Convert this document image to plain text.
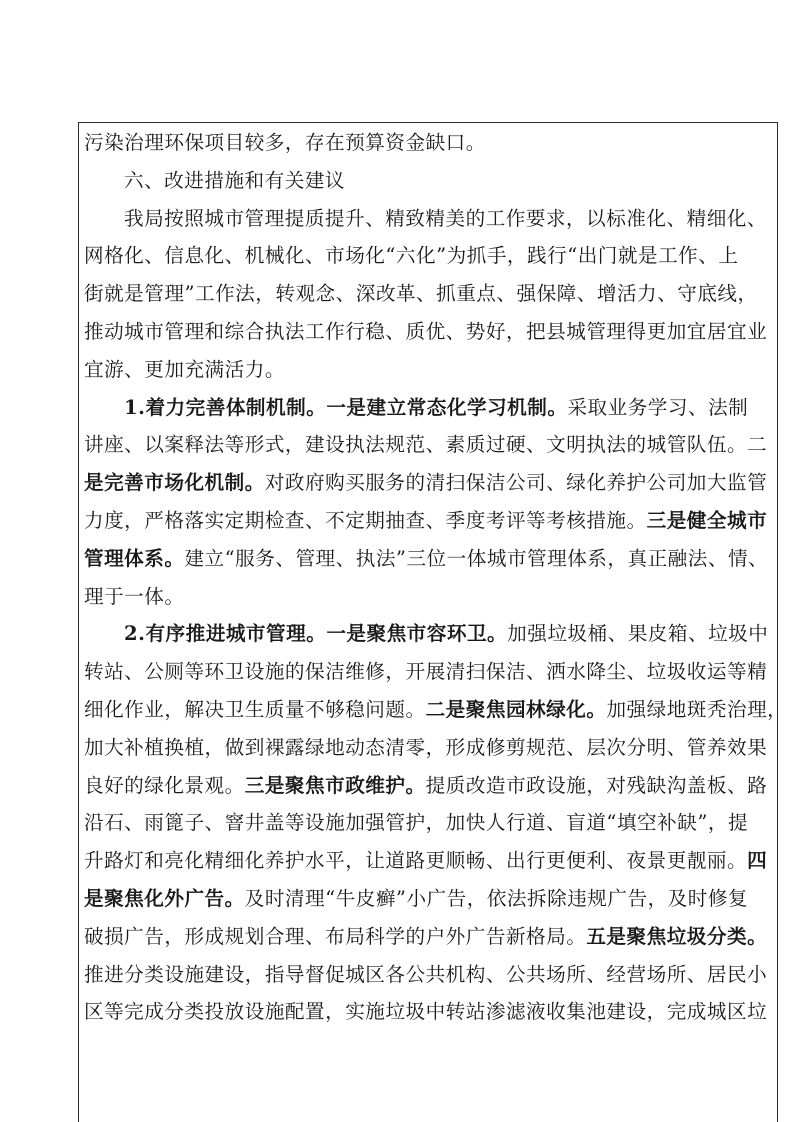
污染治理环保项目较多，存在预算资金缺口。
六、改进措施和有关建议
我局按照城市管理提质提升、精致精美的工作要求，以标准化、精细化、
网格化、信息化、机械化、市场化“六化”为抓手，践行“出门就是工作、上
街就是管理”工作法，转观念、深改革、抓重点、强保障、增活力、守底线，
推动城市管理和综合执法工作行稳、质优、势好，把县城管理得更加宜居宜业
宜游、更加充满活力。
1.着力完善体制机制。一是建立常态化学习机制。采取业务学习、法制
讲座、以案释法等形式，建设执法规范、素质过硬、文明执法的城管队伍。二
是完善市场化机制。对政府购买服务的清扫保洁公司、绿化养护公司加大监管
力度，严格落实定期检查、不定期抽查、季度考评等考核措施。三是健全城市
管理体系。建立“服务、管理、执法”三位一体城市管理体系，真正融法、情、
理于一体。
2.有序推进城市管理。一是聚焦市容环卫。加强垃圾桶、果皮箱、垃圾中
转站、公厕等环卫设施的保洁维修，开展清扫保洁、洒水降尘、垃圾收运等精
细化作业，解决卫生质量不够稳问题。二是聚焦园林绿化。加强绿地斑秃治理，
加大补植换植，做到裸露绿地动态清零，形成修剪规范、层次分明、管养效果
良好的绿化景观。三是聚焦市政维护。提质改造市政设施，对残缺沟盖板、路
沿石、雨篦子、窨井盖等设施加强管护，加快人行道、盲道“填空补缺”，提
升路灯和亮化精细化养护水平，让道路更顺畅、出行更便利、夜景更靓丽。四
是聚焦化外广告。及时清理“牛皮癣”小广告，依法拆除违规广告，及时修复
破损广告，形成规划合理、布局科学的户外广告新格局。五是聚焦垃圾分类。
推进分类设施建设，指导督促城区各公共机构、公共场所、经营场所、居民小
区等完成分类投放设施配置，实施垃圾中转站渗滤液收集池建设，完成城区垃
